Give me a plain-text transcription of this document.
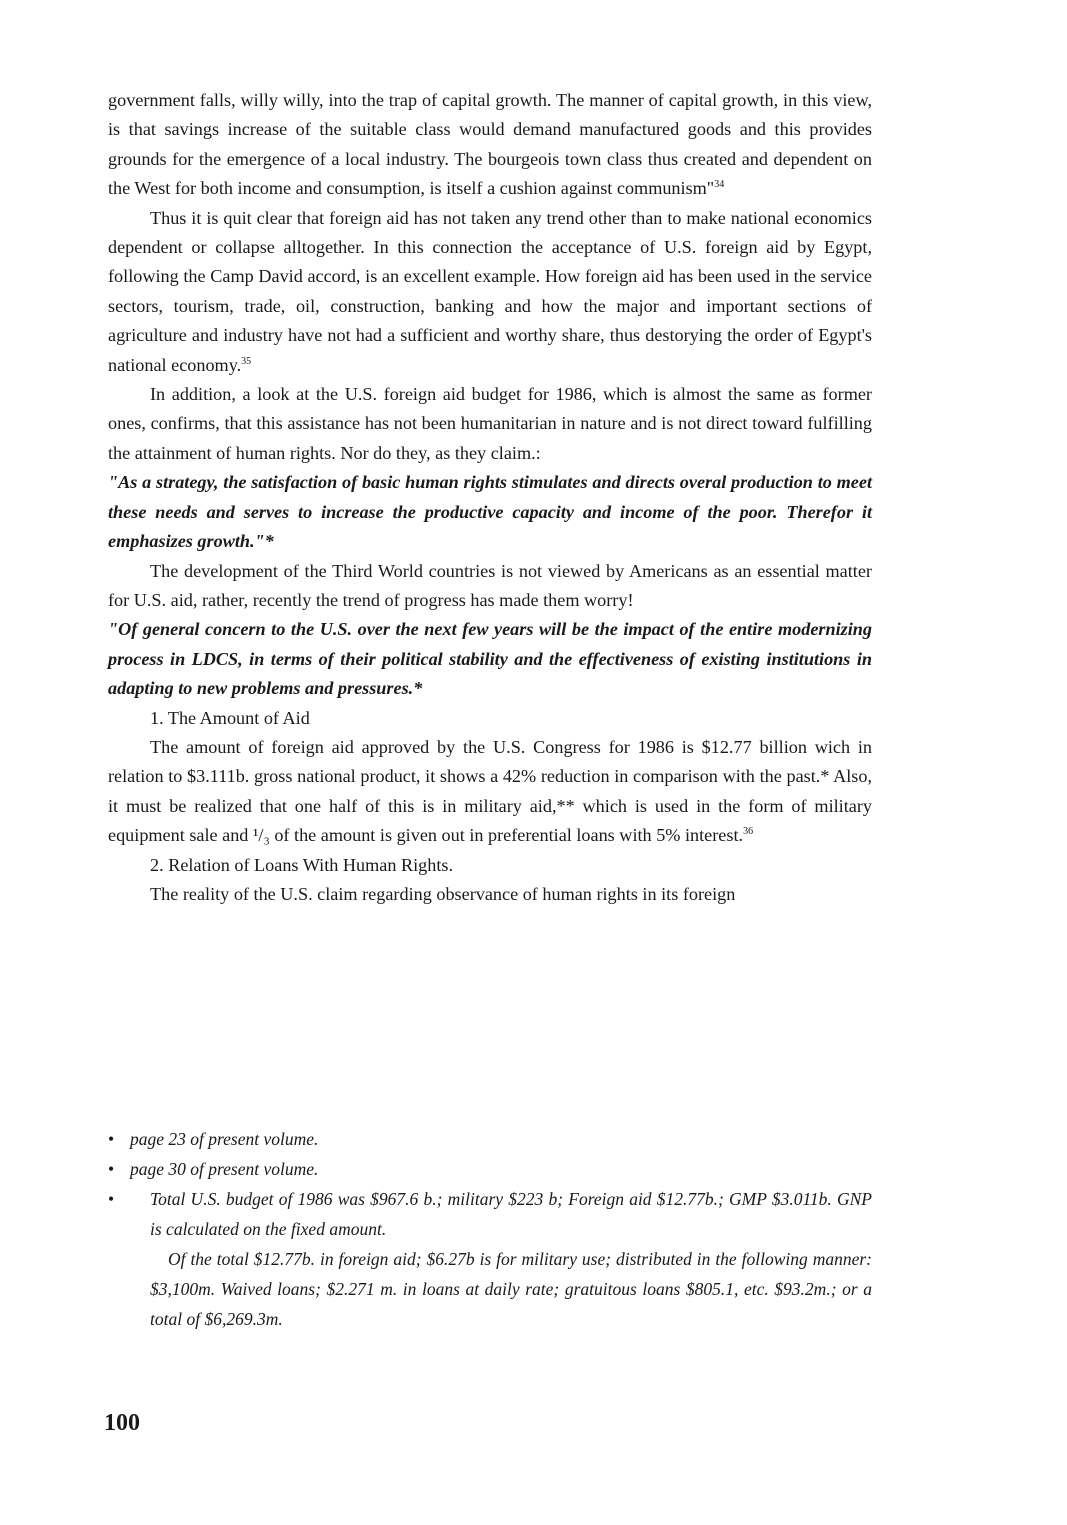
government falls, willy willy, into the trap of capital growth. The manner of capital growth, in this view, is that savings increase of the suitable class would demand manufactured goods and this provides grounds for the emergence of a local industry. The bourgeois town class thus created and dependent on the West for both income and consumption, is itself a cushion against communism"$^{34}$

Thus it is quit clear that foreign aid has not taken any trend other than to make national economics dependent or collapse alltogether. In this connection the acceptance of U.S. foreign aid by Egypt, following the Camp David accord, is an excellent example. How foreign aid has been used in the service sectors, tourism, trade, oil, construction, banking and how the major and important sections of agriculture and industry have not had a sufficient and worthy share, thus destorying the order of Egypt's national economy.$^{35}$

In addition, a look at the U.S. foreign aid budget for 1986, which is almost the same as former ones, confirms, that this assistance has not been humanitarian in nature and is not direct toward fulfilling the attainment of human rights. Nor do they, as they claim.:

"As a strategy, the satisfaction of basic human rights stimulates and directs overal production to meet these needs and serves to increase the productive capacity and income of the poor. Therefor it emphasizes growth."*

The development of the Third World countries is not viewed by Americans as an essential matter for U.S. aid, rather, recently the trend of progress has made them worry!

"Of general concern to the U.S. over the next few years will be the impact of the entire modernizing process in LDCS, in terms of their political stability and the effectiveness of existing institutions in adapting to new problems and pressures.*

1. The Amount of Aid

The amount of foreign aid approved by the U.S. Congress for 1986 is $12.77 billion wich in relation to $3.111b. gross national product, it shows a 42% reduction in comparison with the past.* Also, it must be realized that one half of this is in military aid,** which is used in the form of military equipment sale and ¹/₃ of the amount is given out in preferential loans with 5% interest.$^{36}$

2. Relation of Loans With Human Rights.

The reality of the U.S. claim regarding observance of human rights in its foreign

• page 23 of present volume.
• page 30 of present volume.
• Total U.S. budget of 1986 was $967.6 b.; military $223 b; Foreign aid $12.77b.; GMP $3.011b. GNP is calculated on the fixed amount.
Of the total $12.77b. in foreign aid; $6.27b is for military use; distributed in the following manner: $3,100m. Waived loans; $2.271 m. in loans at daily rate; gratuitous loans $805.1, etc. $93.2m.; or a total of $6,269.3m.
100
